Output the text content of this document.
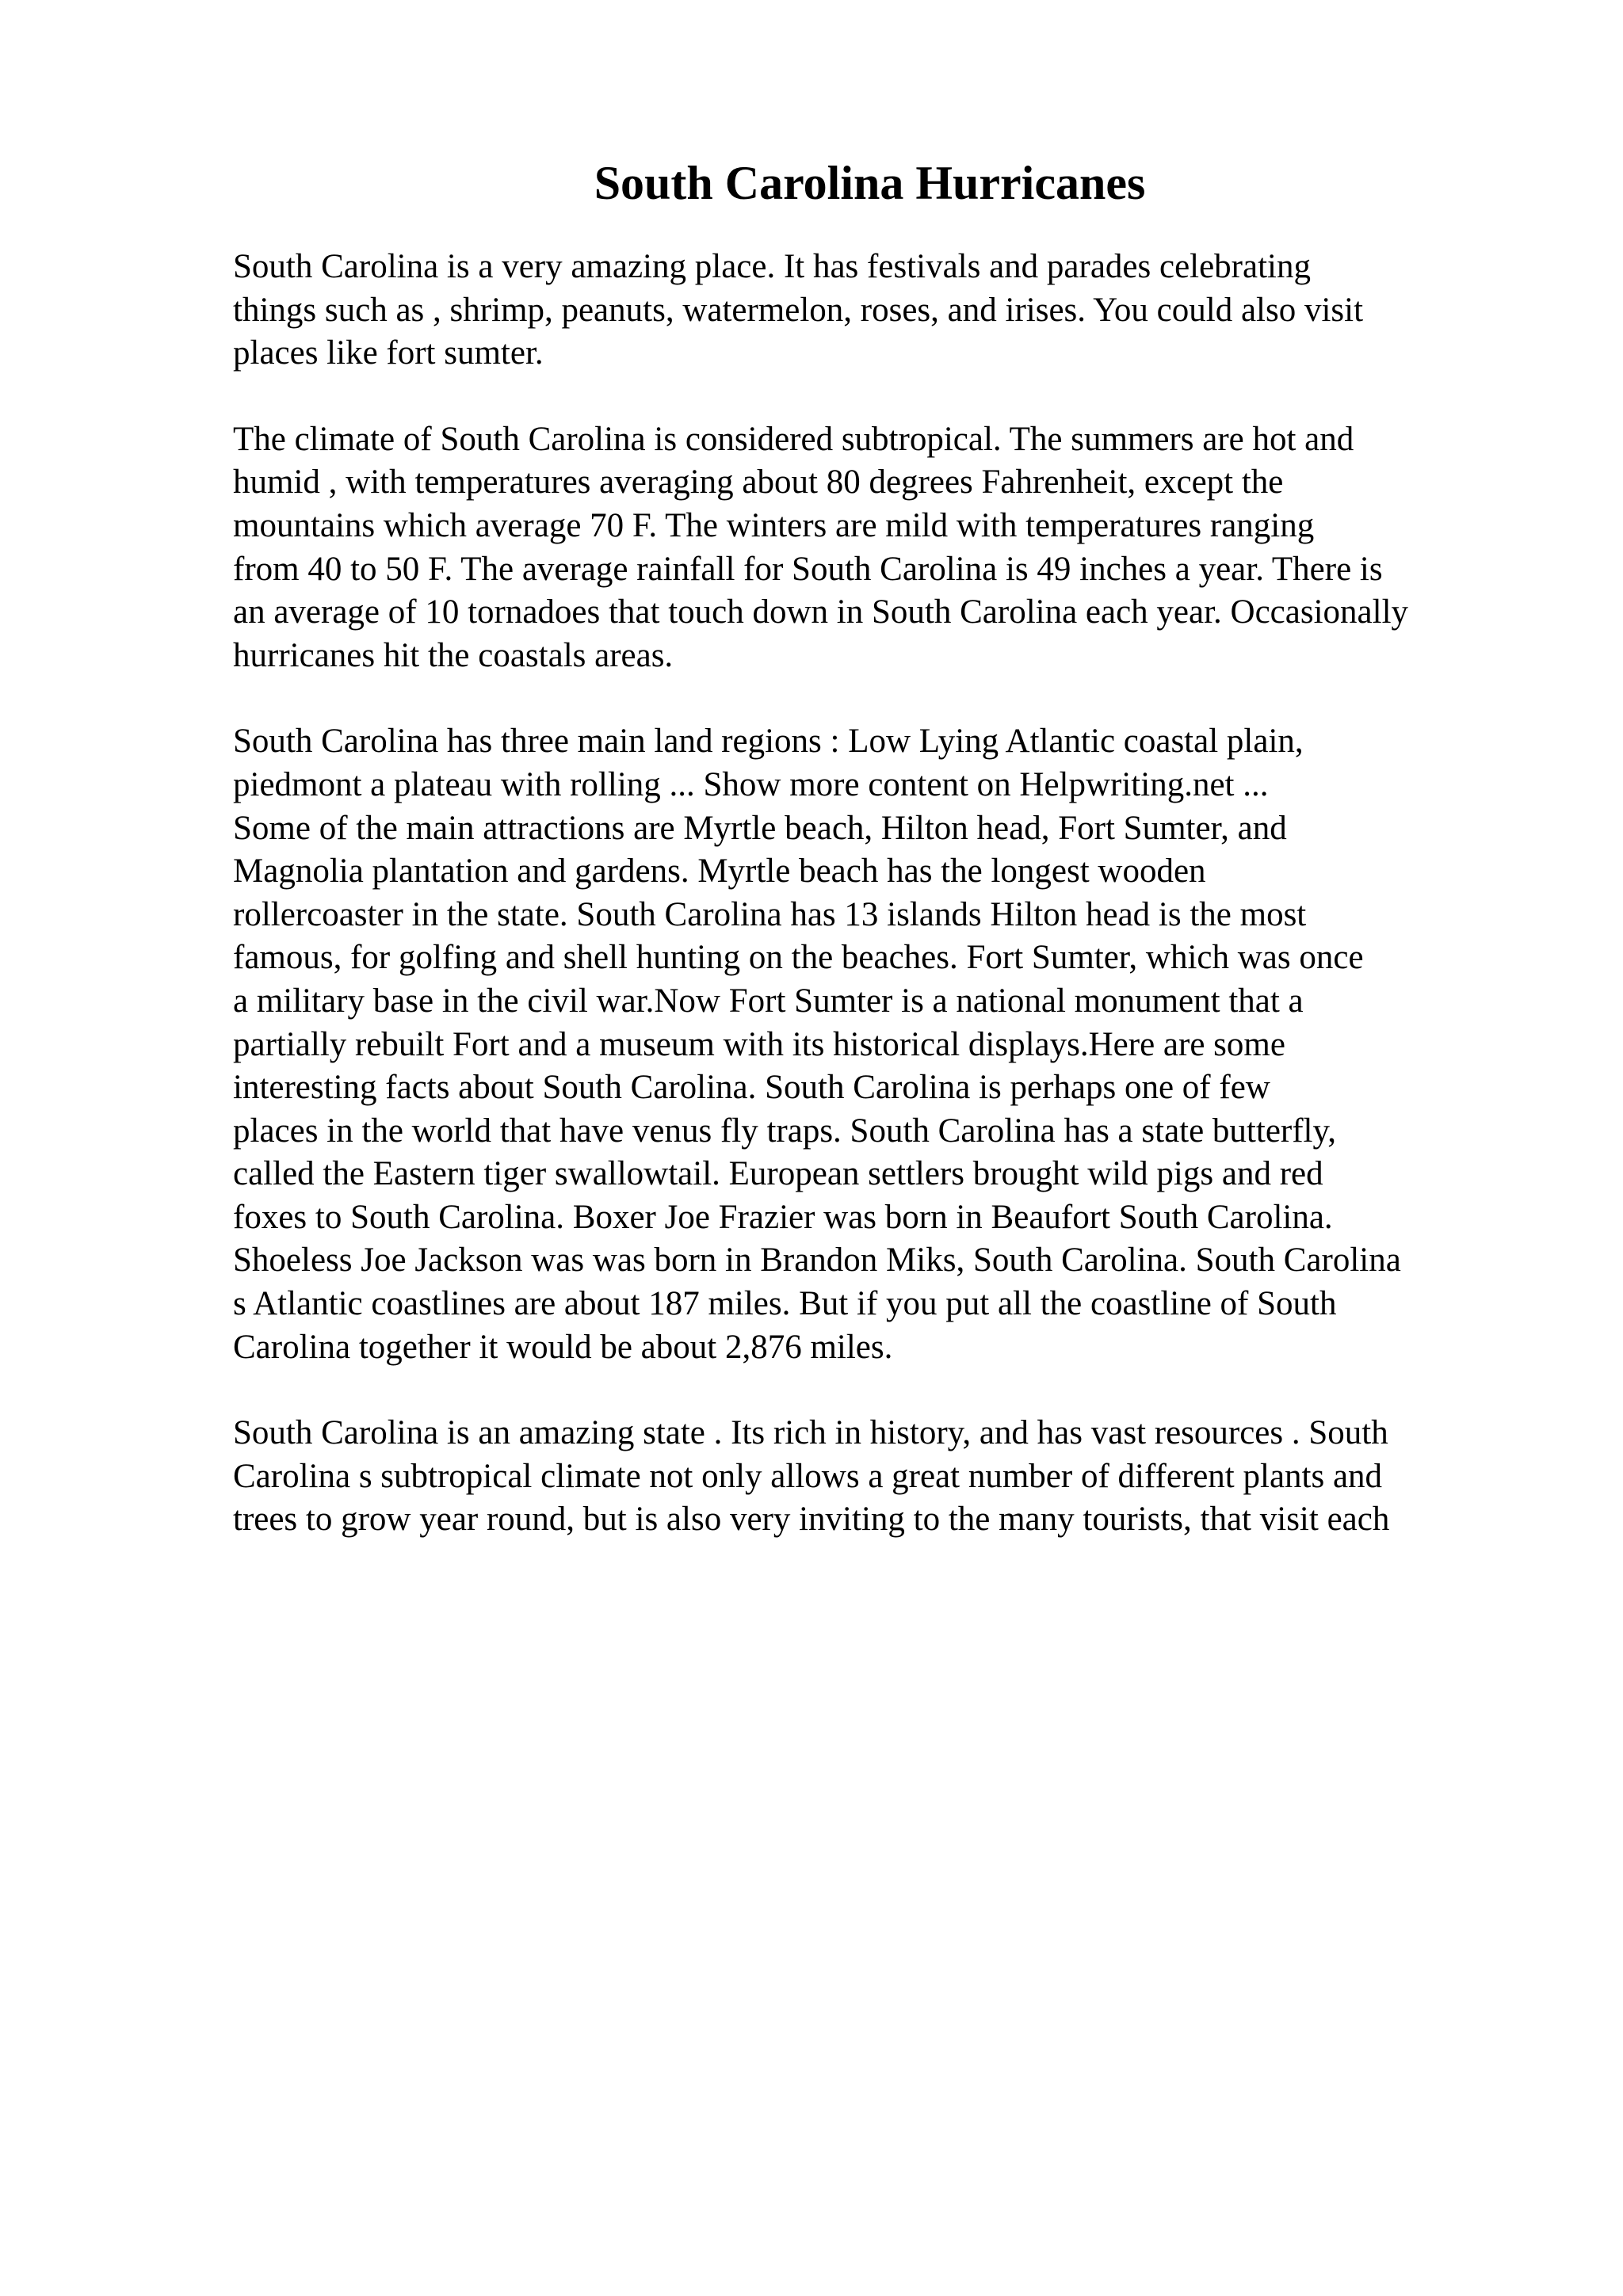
South Carolina Hurricanes

South Carolina is a very amazing place. It has festivals and parades celebrating
things such as , shrimp, peanuts, watermelon, roses, and irises. You could also visit
places like fort sumter.

The climate of South Carolina is considered subtropical. The summers are hot and
humid , with temperatures averaging about 80 degrees Fahrenheit, except the
mountains which average 70 F. The winters are mild with temperatures ranging
from 40 to 50 F. The average rainfall for South Carolina is 49 inches a year. There is
an average of 10 tornadoes that touch down in South Carolina each year. Occasionally
hurricanes hit the coastals areas.

South Carolina has three main land regions : Low Lying Atlantic coastal plain,
piedmont a plateau with rolling ... Show more content on Helpwriting.net ...
Some of the main attractions are Myrtle beach, Hilton head, Fort Sumter, and
Magnolia plantation and gardens. Myrtle beach has the longest wooden
rollercoaster in the state. South Carolina has 13 islands Hilton head is the most
famous, for golfing and shell hunting on the beaches. Fort Sumter, which was once
a military base in the civil war.Now Fort Sumter is a national monument that a
partially rebuilt Fort and a museum with its historical displays.Here are some
interesting facts about South Carolina. South Carolina is perhaps one of few
places in the world that have venus fly traps. South Carolina has a state butterfly,
called the Eastern tiger swallowtail. European settlers brought wild pigs and red
foxes to South Carolina. Boxer Joe Frazier was born in Beaufort South Carolina.
Shoeless Joe Jackson was was born in Brandon Miks, South Carolina. South Carolina
s Atlantic coastlines are about 187 miles. But if you put all the coastline of South
Carolina together it would be about 2,876 miles.

South Carolina is an amazing state . Its rich in history, and has vast resources . South
Carolina s subtropical climate not only allows a great number of different plants and
trees to grow year round, but is also very inviting to the many tourists, that visit each
